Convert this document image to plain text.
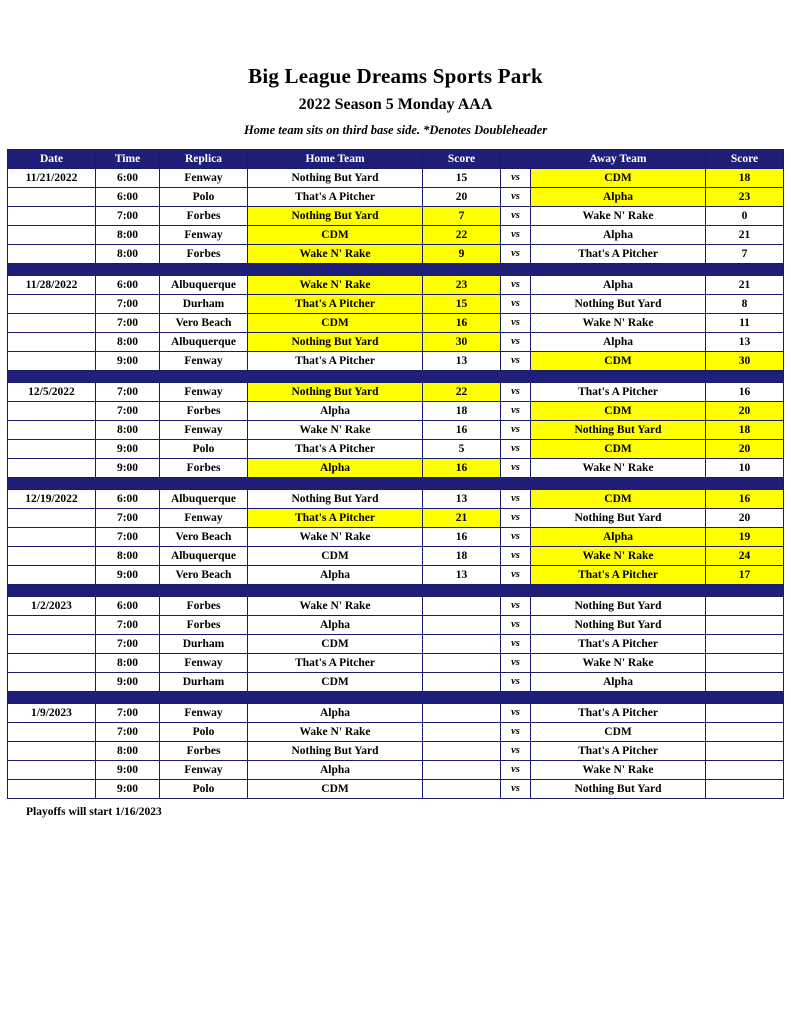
Big League Dreams Sports Park
2022 Season 5 Monday AAA
Home team sits on third base side. *Denotes Doubleheader
Date	Time	Replica	Home Team	Score		Away Team	Score
11/21/2022	6:00	Fenway	Nothing But Yard	15	vs	CDM	18
	6:00	Polo	That's A Pitcher	20	vs	Alpha	23
	7:00	Forbes	Nothing But Yard	7	vs	Wake N' Rake	0
	8:00	Fenway	CDM	22	vs	Alpha	21
	8:00	Forbes	Wake N' Rake	9	vs	That's A Pitcher	7

11/28/2022	6:00	Albuquerque	Wake N' Rake	23	vs	Alpha	21
	7:00	Durham	That's A Pitcher	15	vs	Nothing But Yard	8
	7:00	Vero Beach	CDM	16	vs	Wake N' Rake	11
	8:00	Albuquerque	Nothing But Yard	30	vs	Alpha	13
	9:00	Fenway	That's A Pitcher	13	vs	CDM	30

12/5/2022	7:00	Fenway	Nothing But Yard	22	vs	That's A Pitcher	16
	7:00	Forbes	Alpha	18	vs	CDM	20
	8:00	Fenway	Wake N' Rake	16	vs	Nothing But Yard	18
	9:00	Polo	That's A Pitcher	5	vs	CDM	20
	9:00	Forbes	Alpha	16	vs	Wake N' Rake	10

12/19/2022	6:00	Albuquerque	Nothing But Yard	13	vs	CDM	16
	7:00	Fenway	That's A Pitcher	21	vs	Nothing But Yard	20
	7:00	Vero Beach	Wake N' Rake	16	vs	Alpha	19
	8:00	Albuquerque	CDM	18	vs	Wake N' Rake	24
	9:00	Vero Beach	Alpha	13	vs	That's A Pitcher	17

1/2/2023	6:00	Forbes	Wake N' Rake		vs	Nothing But Yard	
	7:00	Forbes	Alpha		vs	Nothing But Yard	
	7:00	Durham	CDM		vs	That's A Pitcher	
	8:00	Fenway	That's A Pitcher		vs	Wake N' Rake	
	9:00	Durham	CDM		vs	Alpha	

1/9/2023	7:00	Fenway	Alpha		vs	That's A Pitcher	
	7:00	Polo	Wake N' Rake		vs	CDM	
	8:00	Forbes	Nothing But Yard		vs	That's A Pitcher	
	9:00	Fenway	Alpha		vs	Wake N' Rake	
	9:00	Polo	CDM		vs	Nothing But Yard	
Playoffs will start 1/16/2023
